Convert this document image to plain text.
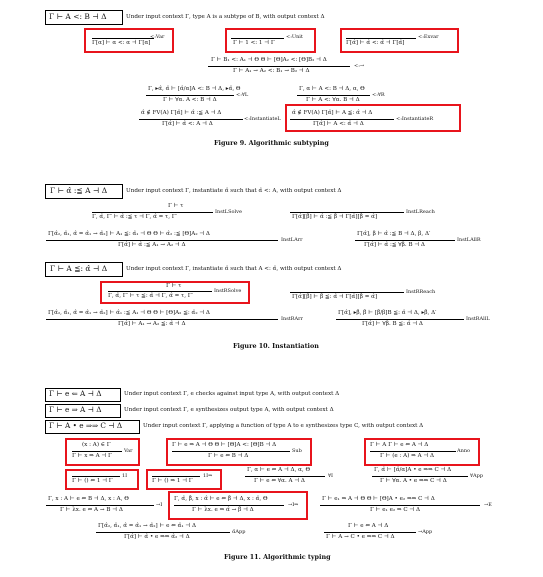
Γ ⊢ A <: B ⊣ Δ	Under input context Γ, type A is a subtype of B, with output context Δ
Γ[α] ⊢ α <: α ⊣ Γ[α]
<:Var
Γ ⊢ 1 <: 1 ⊣ Γ
<:Unit
Γ[α̂] ⊢ α̂ <: α̂ ⊣ Γ[α̂]
<:Exvar
Γ ⊢ B₁ <: A₁ ⊣ Θ Θ ⊢ [Θ]A₂ <: [Θ]B₂ ⊣ Δ
Γ ⊢ A₁ → A₂ <: B₁ → B₂ ⊣ Δ
<:→
Γ, ▸α̂, α̂ ⊢ [α̂/α]A <: B ⊣ Δ, ▸α̂, Θ
Γ ⊢ ∀α. A <: B ⊣ Δ
<:∀L
Γ, α ⊢ A <: B ⊣ Δ, α, Θ
Γ ⊢ A <: ∀α. B ⊣ Δ
<:∀R
α̂ ∉ FV(A) Γ[α̂] ⊢ α̂ :≦ A ⊣ Δ
Γ[α̂] ⊢ α̂ <: A ⊣ Δ
<:InstantiateL
α̂ ∉ FV(A) Γ[α̂] ⊢ A ≦: α̂ ⊣ Δ
Γ[α̂] ⊢ A <: α̂ ⊣ Δ
<:InstantiateR
Figure 9. Algorithmic subtyping
Γ ⊢ α̂ :≦ A ⊣ Δ	Under input context Γ, instantiate α̂ such that α̂ <: A, with output context Δ
Γ ⊢ τ
Γ, α̂, Γ′ ⊢ α̂ :≦ τ ⊣ Γ, α̂ = τ, Γ′
InstLSolve
Γ[α̂][β̂] ⊢ α̂ :≦ β̂ ⊣ Γ[α̂][β̂ = α̂]
InstLReach
Γ[α̂₂, α̂₁, α̂ = α̂₁ → α̂₂] ⊢ A₁ ≦: α̂₁ ⊣ Θ Θ ⊢ α̂₂ :≦ [Θ]A₂ ⊣ Δ
Γ[α̂] ⊢ α̂ :≦ A₁ → A₂ ⊣ Δ
InstLArr
Γ[α̂], β ⊢ α̂ :≦ B ⊣ Δ, β, Δ′
Γ[α̂] ⊢ α̂ :≦ ∀β. B ⊣ Δ
InstLAllR
Γ ⊢ A ≦: α̂ ⊣ Δ	Under input context Γ, instantiate α̂ such that A <: α̂, with output context Δ
Γ ⊢ τ
Γ, α̂, Γ′ ⊢ τ ≦: α̂ ⊣ Γ, α̂ = τ, Γ′
InstRSolve
Γ[α̂][β̂] ⊢ β̂ ≦: α̂ ⊣ Γ[α̂][β̂ = α̂]
InstRReach
Γ[α̂₂, α̂₁, α̂ = α̂₁ → α̂₂] ⊢ α̂₁ :≦ A₁ ⊣ Θ Θ ⊢ [Θ]A₂ ≦: α̂₂ ⊣ Δ
Γ[α̂] ⊢ A₁ → A₂ ≦: α̂ ⊣ Δ
InstRArr
Γ[α̂], ▸β̂, β̂ ⊢ [β̂/β]B ≦: α̂ ⊣ Δ, ▸β̂, Δ′
Γ[α̂] ⊢ ∀β. B ≦: α̂ ⊣ Δ
InstRAllL
Figure 10. Instantiation
Γ ⊢ e ⇐ A ⊣ Δ	Under input context Γ, e checks against input type A, with output context Δ
Γ ⊢ e ⇒ A ⊣ Δ	Under input context Γ, e synthesizes output type A, with output context Δ
Γ ⊢ A • e ⇒⇒ C ⊣ Δ	Under input context Γ, applying a function of type A to e synthesizes type C, with output context Δ
(x : A) ∈ Γ
Γ ⊢ x ⇒ A ⊣ Γ
Var
Γ ⊢ e ⇒ A ⊣ Θ Θ ⊢ [Θ]A <: [Θ]B ⊣ Δ
Γ ⊢ e ⇐ B ⊣ Δ
Sub
Γ ⊢ A Γ ⊢ e ⇐ A ⊣ Δ
Γ ⊢ (e : A) ⇒ A ⊣ Δ
Anno
Γ ⊢ () ⇐ 1 ⊣ Γ
1I
Γ, α ⊢ e ⇐ A ⊣ Δ, α, Θ
Γ ⊢ e ⇐ ∀α. A ⊣ Δ
∀I
Γ, α̂ ⊢ [α̂/α]A • e ⇒⇒ C ⊣ Δ
Γ ⊢ ∀α. A • e ⇒⇒ C ⊣ Δ
∀App
Γ ⊢ () ⇒ 1 ⊣ Γ
1I⇒
Γ, x : A ⊢ e ⇐ B ⊣ Δ, x : A, Θ
Γ ⊢ λx. e ⇐ A → B ⊣ Δ
→I
Γ, α̂, β̂, x : α̂ ⊢ e ⇐ β̂ ⊣ Δ, x : α̂, Θ
Γ ⊢ λx. e ⇒ α̂ → β̂ ⊣ Δ
→I⇒
Γ ⊢ e₁ ⇒ A ⊣ Θ Θ ⊢ [Θ]A • e₂ ⇒⇒ C ⊣ Δ
Γ ⊢ e₁ e₂ ⇒ C ⊣ Δ
→E
Γ[α̂₂, α̂₁, α̂ = α̂₁ → α̂₂] ⊢ e ⇐ α̂₁ ⊣ Δ
Γ[α̂] ⊢ α̂ • e ⇒⇒ α̂₂ ⊣ Δ
α̂App
Γ ⊢ e ⇐ A ⊣ Δ
Γ ⊢ A → C • e ⇒⇒ C ⊣ Δ
→App
Figure 11. Algorithmic typing
